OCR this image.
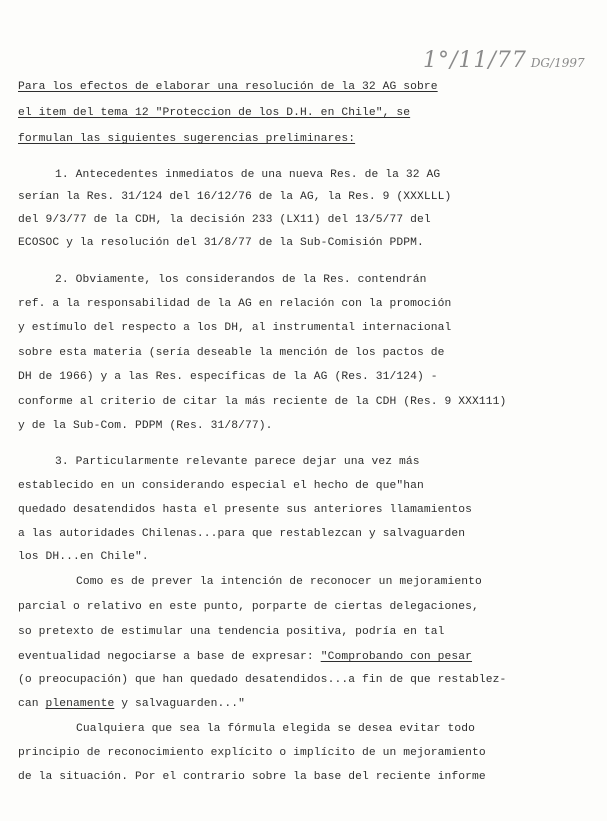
1°/11/77 DG/1997
Para los efectos de elaborar una resolución de la 32 AG sobre
el item del tema 12 "Proteccion de los D.H. en Chile", se
formulan las siguientes sugerencias preliminares:
1. Antecedentes inmediatos de una nueva Res. de la 32 AG
serían la Res. 31/124 del 16/12/76 de la AG, la Res. 9 (XXXLLL)
del 9/3/77 de la CDH, la decisión 233 (LX11) del 13/5/77 del
ECOSOC y la resolución del 31/8/77 de la Sub-Comisión PDPM.
2. Obviamente, los considerandos de la Res. contendrán
ref. a la responsabilidad de la AG en relación con la promoción
y estímulo del respecto a los DH, al instrumental internacional
sobre esta materia (sería deseable la mención de los pactos de
DH de 1966) y a las Res. específicas de la AG (Res. 31/124) -
conforme al criterio de citar la más reciente de la CDH (Res. 9 XXX111)
y de la Sub-Com. PDPM (Res. 31/8/77).
3. Particularmente relevante parece dejar una vez más
establecido en un considerando especial el hecho de que"han
quedado desatendidos hasta el presente sus anteriores llamamientos
a las autoridades Chilenas...para que restablezcan y salvaguarden
los DH...en Chile".
Como es de prever la intención de reconocer un mejoramiento
parcial o relativo en este punto, porparte de ciertas delegaciones,
so pretexto de estimular una tendencia positiva, podría en tal
eventualidad negociarse a base de expresar: "Comprobando con pesar
(o preocupación) que han quedado desatendidos...a fin de que restablez-
can plenamente y salvaguarden..."
Cualquiera que sea la fórmula elegida se desea evitar todo
principio de reconocimiento explícito o implícito de un mejoramiento
de la situación. Por el contrario sobre la base del reciente informe
